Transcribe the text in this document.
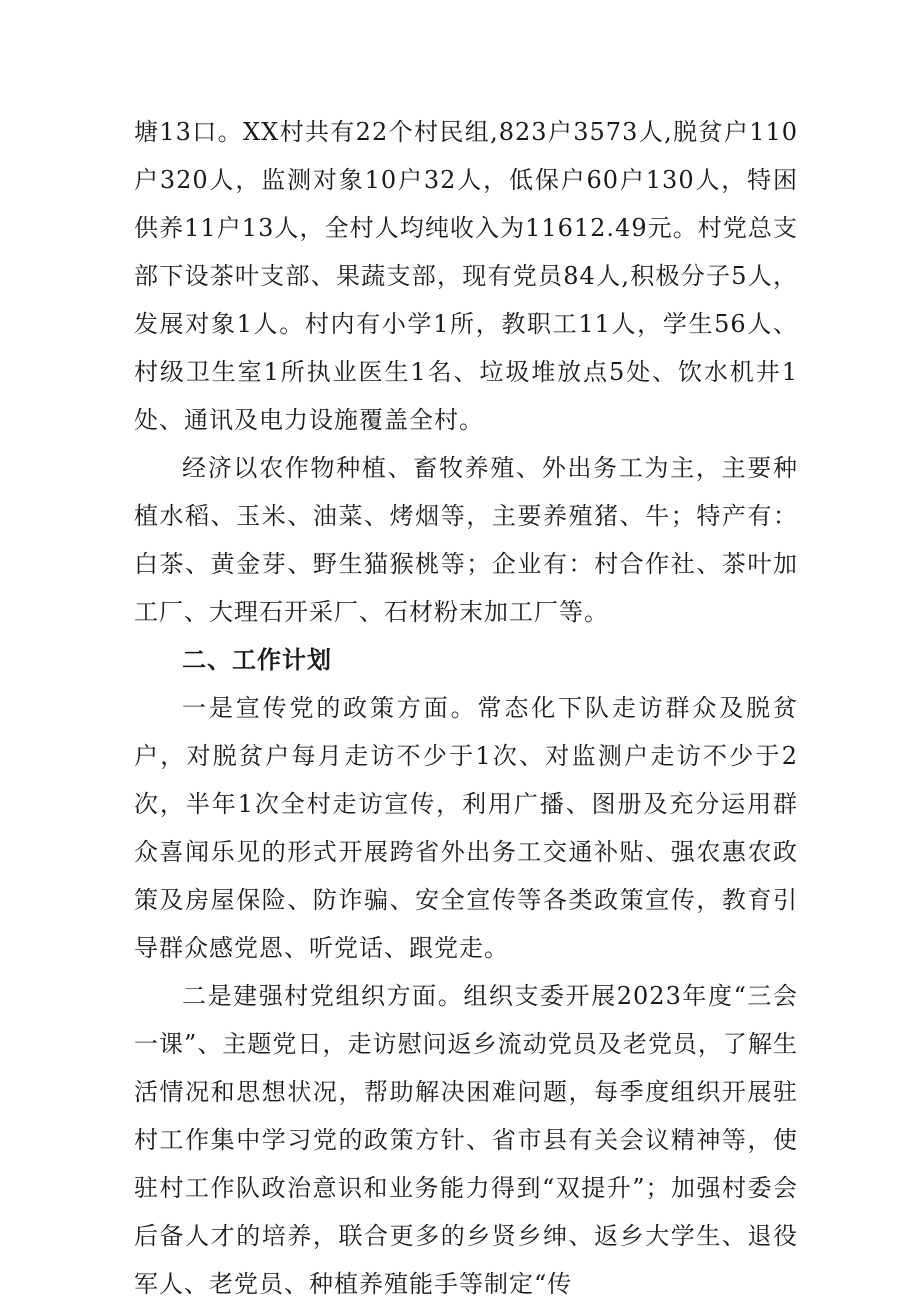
塘13口。XX村共有22个村民组,823户3573人,脱贫户110户320人，监测对象10户32人，低保户60户130人，特困供养11户13人，全村人均纯收入为11612.49元。村党总支部下设茶叶支部、果蔬支部，现有党员84人,积极分子5人，发展对象1人。村内有小学1所，教职工11人，学生56人、村级卫生室1所执业医生1名、垃圾堆放点5处、饮水机井1处、通讯及电力设施覆盖全村。

经济以农作物种植、畜牧养殖、外出务工为主，主要种植水稻、玉米、油菜、烤烟等，主要养殖猪、牛；特产有：白茶、黄金芽、野生猫猴桃等；企业有：村合作社、茶叶加工厂、大理石开采厂、石材粉末加工厂等。

二、工作计划

一是宣传党的政策方面。常态化下队走访群众及脱贫户，对脱贫户每月走访不少于1次、对监测户走访不少于2次，半年1次全村走访宣传，利用广播、图册及充分运用群众喜闻乐见的形式开展跨省外出务工交通补贴、强农惠农政策及房屋保险、防诈骗、安全宣传等各类政策宣传，教育引导群众感党恩、听党话、跟党走。

二是建强村党组织方面。组织支委开展2023年度“三会一课”、主题党日，走访慰问返乡流动党员及老党员，了解生活情况和思想状况，帮助解决困难问题，每季度组织开展驻村工作集中学习党的政策方针、省市县有关会议精神等，使驻村工作队政治意识和业务能力得到“双提升”；加强村委会后备人才的培养，联合更多的乡贤乡绅、返乡大学生、退役军人、老党员、种植养殖能手等制定“传
